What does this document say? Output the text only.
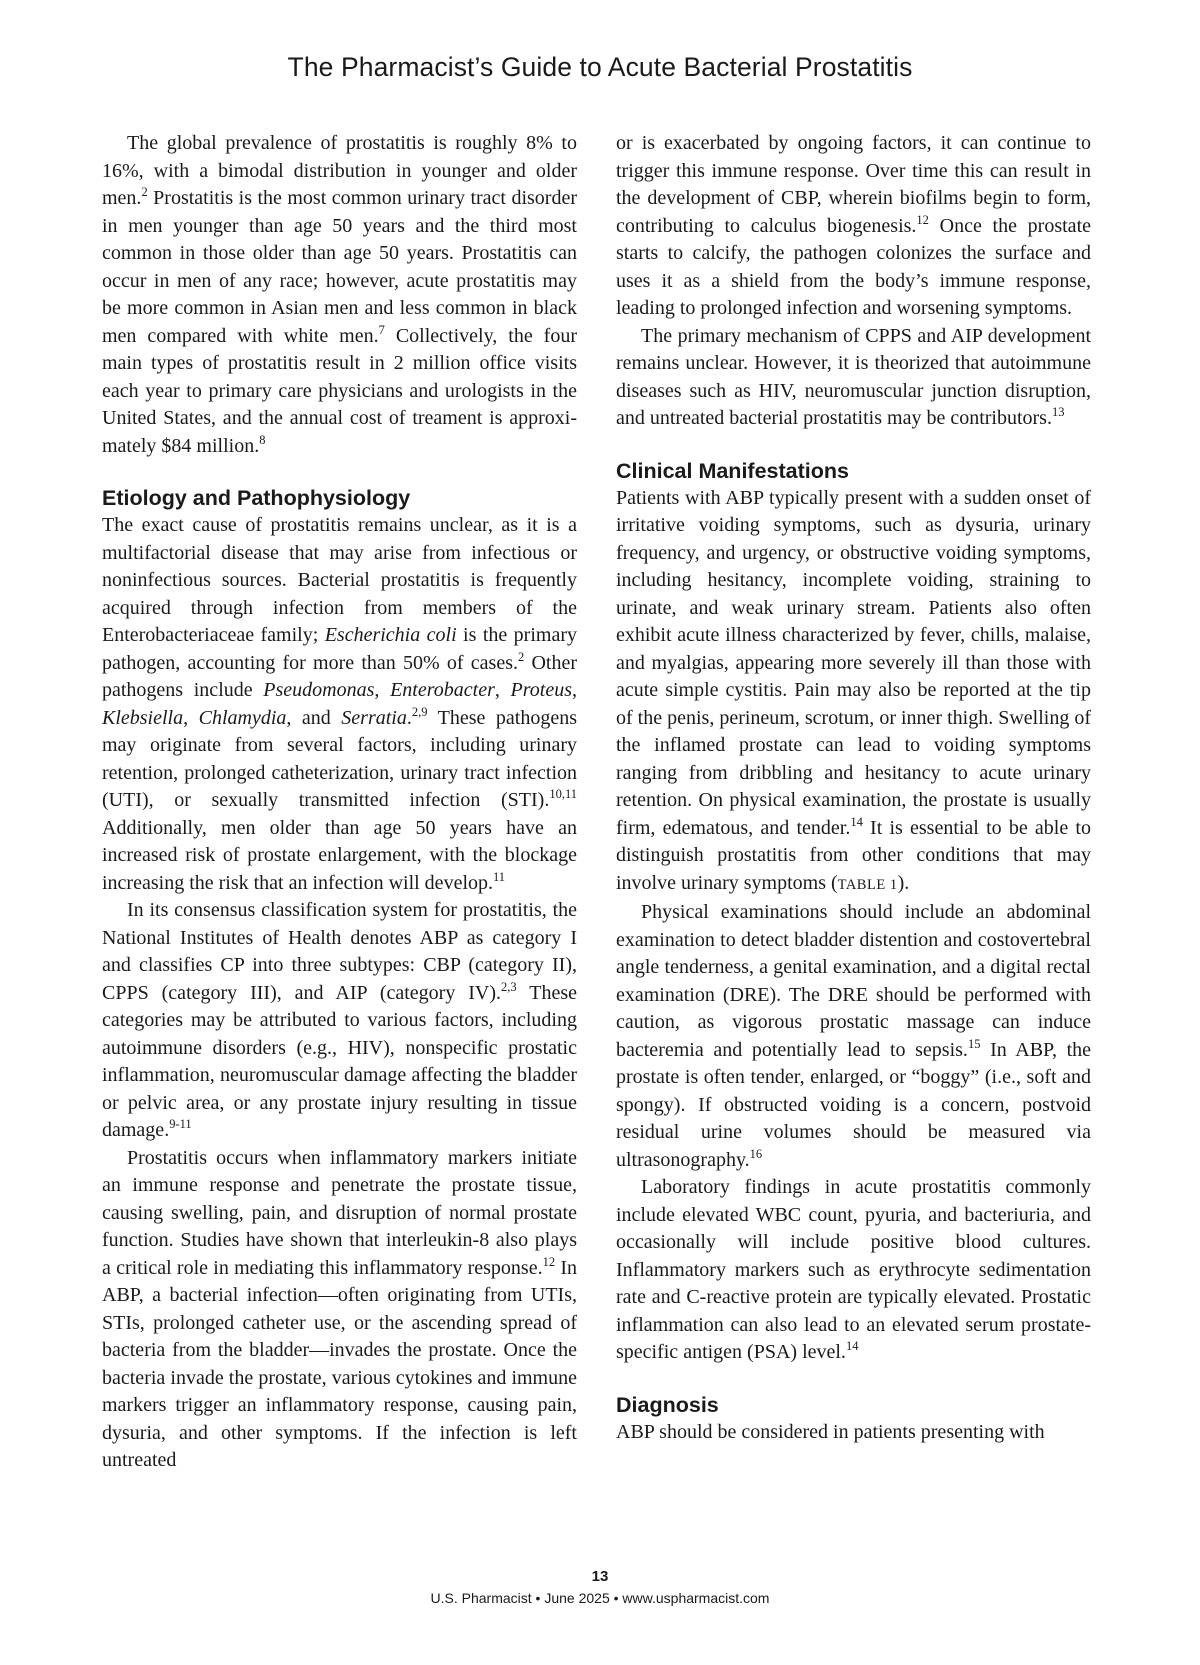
The Pharmacist’s Guide to Acute Bacterial Prostatitis

The global prevalence of prostatitis is roughly 8% to 16%, with a bimodal distribution in younger and older men.$^2$ Prostatitis is the most common urinary tract disorder in men younger than age 50 years and the third most common in those older than age 50 years. Prostatitis can occur in men of any race; however, acute prostatitis may be more common in Asian men and less common in black men compared with white men.$^7$ Collectively, the four main types of prostatitis result in 2 million office visits each year to primary care physicians and urologists in the United States, and the annual cost of treament is approximately $84 million.$^8$

Etiology and Pathophysiology

The exact cause of prostatitis remains unclear, as it is a multifactorial disease that may arise from infectious or noninfectious sources. Bacterial prostatitis is frequently acquired through infection from members of the Enterobacteriaceae family; Escherichia coli is the primary pathogen, accounting for more than 50% of cases.$^2$ Other pathogens include Pseudomonas, Enterobacter, Proteus, Klebsiella, Chlamydia, and Serratia.$^{2,9}$ These pathogens may originate from several factors, including urinary retention, prolonged catheterization, urinary tract infection (UTI), or sexually transmitted infection (STI).$^{10,11}$ Additionally, men older than age 50 years have an increased risk of prostate enlargement, with the blockage increasing the risk that an infection will develop.$^{11}$

In its consensus classification system for prostatitis, the National Institutes of Health denotes ABP as category I and classifies CP into three subtypes: CBP (category II), CPPS (category III), and AIP (category IV).$^{2,3}$ These categories may be attributed to various factors, including autoimmune disorders (e.g., HIV), nonspecific prostatic inflammation, neuromuscular damage affecting the bladder or pelvic area, or any prostate injury resulting in tissue damage.$^{9-11}$

Prostatitis occurs when inflammatory markers initiate an immune response and penetrate the prostate tissue, causing swelling, pain, and disruption of normal prostate function. Studies have shown that interleukin-8 also plays a critical role in mediating this inflammatory response.$^{12}$ In ABP, a bacterial infection—often originating from UTIs, STIs, prolonged catheter use, or the ascending spread of bacteria from the bladder—invades the prostate. Once the bacteria invade the prostate, various cytokines and immune markers trigger an inflammatory response, causing pain, dysuria, and other symptoms. If the infection is left untreated

or is exacerbated by ongoing factors, it can continue to trigger this immune response. Over time this can result in the development of CBP, wherein biofilms begin to form, contributing to calculus biogenesis.$^{12}$ Once the prostate starts to calcify, the pathogen colonizes the surface and uses it as a shield from the body’s immune response, leading to prolonged infection and worsening symptoms.

The primary mechanism of CPPS and AIP development remains unclear. However, it is theorized that autoimmune diseases such as HIV, neuromuscular junction disruption, and untreated bacterial prostatitis may be contributors.$^{13}$

Clinical Manifestations

Patients with ABP typically present with a sudden onset of irritative voiding symptoms, such as dysuria, urinary frequency, and urgency, or obstructive voiding symptoms, including hesitancy, incomplete voiding, straining to urinate, and weak urinary stream. Patients also often exhibit acute illness characterized by fever, chills, malaise, and myalgias, appearing more severely ill than those with acute simple cystitis. Pain may also be reported at the tip of the penis, perineum, scrotum, or inner thigh. Swelling of the inflamed prostate can lead to voiding symptoms ranging from dribbling and hesitancy to acute urinary retention. On physical examination, the prostate is usually firm, edematous, and tender.$^{14}$ It is essential to be able to distinguish prostatitis from other conditions that may involve urinary symptoms (TABLE 1).

Physical examinations should include an abdominal examination to detect bladder distention and costovertebral angle tenderness, a genital examination, and a digital rectal examination (DRE). The DRE should be performed with caution, as vigorous prostatic massage can induce bacteremia and potentially lead to sepsis.$^{15}$ In ABP, the prostate is often tender, enlarged, or “boggy” (i.e., soft and spongy). If obstructed voiding is a concern, postvoid residual urine volumes should be measured via ultrasonography.$^{16}$

Laboratory findings in acute prostatitis commonly include elevated WBC count, pyuria, and bacteriuria, and occasionally will include positive blood cultures. Inflammatory markers such as erythrocyte sedimentation rate and C-reactive protein are typically elevated. Prostatic inflammation can also lead to an elevated serum prostate-specific antigen (PSA) level.$^{14}$

Diagnosis

ABP should be considered in patients presenting with

13
U.S. Pharmacist • June 2025 • www.uspharmacist.com
